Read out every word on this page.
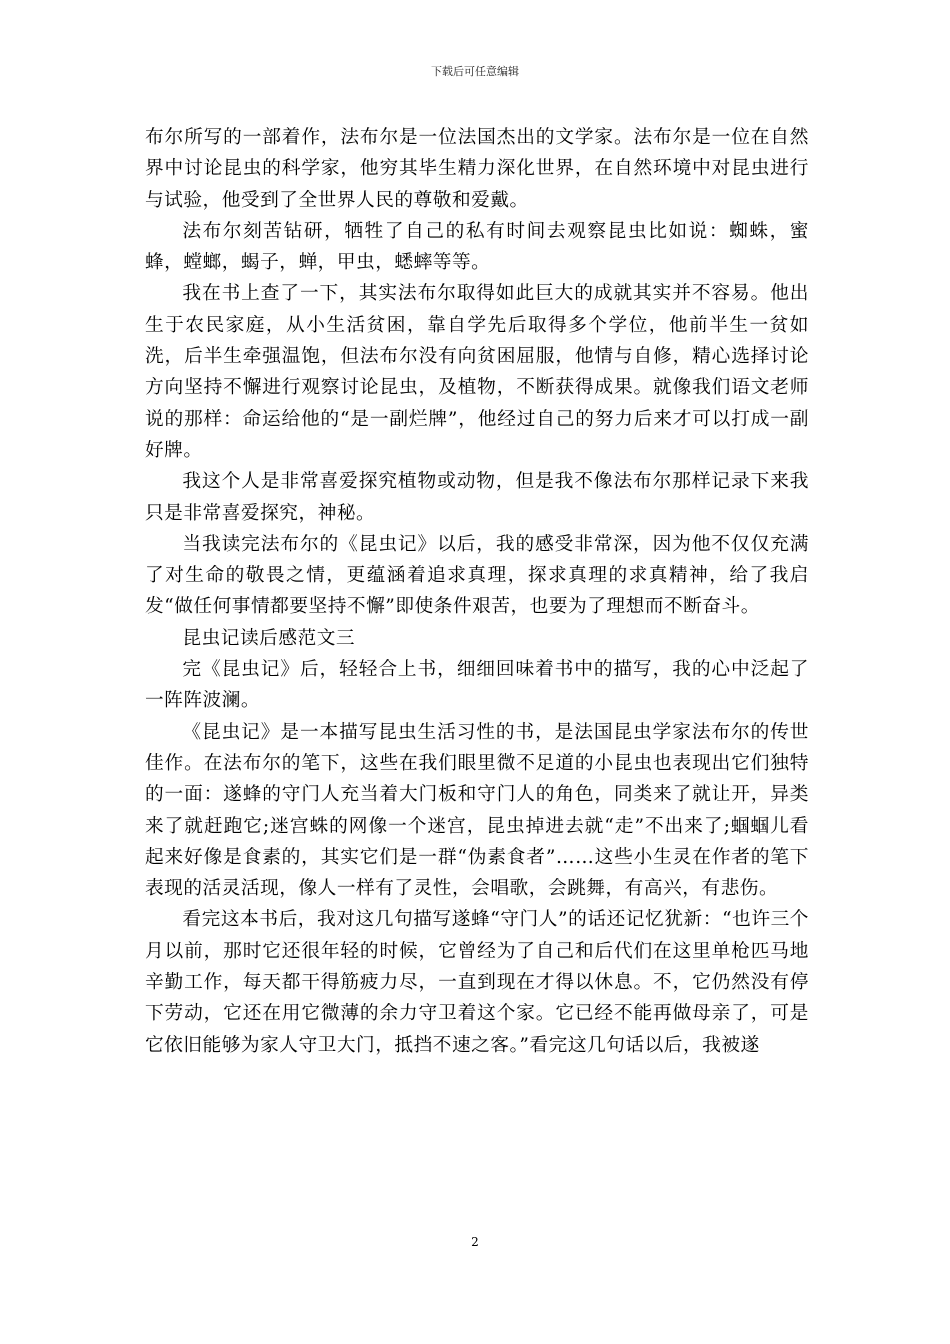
下载后可任意编辑

布尔所写的一部着作，法布尔是一位法国杰出的文学家。法布尔是一位在自然界中讨论昆虫的科学家，他穷其毕生精力深化世界，在自然环境中对昆虫进行与试验，他受到了全世界人民的尊敬和爱戴。

法布尔刻苦钻研，牺牲了自己的私有时间去观察昆虫比如说：蜘蛛，蜜蜂，螳螂，蝎子，蝉，甲虫，蟋蟀等等。

我在书上查了一下，其实法布尔取得如此巨大的成就其实并不容易。他出生于农民家庭，从小生活贫困，靠自学先后取得多个学位，他前半生一贫如洗，后半生牵强温饱，但法布尔没有向贫困屈服，他情与自修，精心选择讨论方向坚持不懈进行观察讨论昆虫，及植物，不断获得成果。就像我们语文老师说的那样：命运给他的“是一副烂牌”，他经过自己的努力后来才可以打成一副好牌。

我这个人是非常喜爱探究植物或动物，但是我不像法布尔那样记录下来我只是非常喜爱探究，神秘。

当我读完法布尔的《昆虫记》以后，我的感受非常深，因为他不仅仅充满了对生命的敬畏之情，更蕴涵着追求真理，探求真理的求真精神，给了我启发“做任何事情都要坚持不懈”即使条件艰苦，也要为了理想而不断奋斗。

昆虫记读后感范文三

完《昆虫记》后，轻轻合上书，细细回味着书中的描写，我的心中泛起了一阵阵波澜。

《昆虫记》是一本描写昆虫生活习性的书，是法国昆虫学家法布尔的传世佳作。在法布尔的笔下，这些在我们眼里微不足道的小昆虫也表现出它们独特的一面：遂蜂的守门人充当着大门板和守门人的角色，同类来了就让开，异类来了就赶跑它;迷宫蛛的网像一个迷宫，昆虫掉进去就“走”不出来了;蝈蝈儿看起来好像是食素的，其实它们是一群“伪素食者”……这些小生灵在作者的笔下表现的活灵活现，像人一样有了灵性，会唱歌，会跳舞，有高兴，有悲伤。

看完这本书后，我对这几句描写遂蜂“守门人”的话还记忆犹新：“也许三个月以前，那时它还很年轻的时候，它曾经为了自己和后代们在这里单枪匹马地辛勤工作，每天都干得筋疲力尽，一直到现在才得以休息。不，它仍然没有停下劳动，它还在用它微薄的余力守卫着这个家。它已经不能再做母亲了，可是它依旧能够为家人守卫大门，抵挡不速之客。”看完这几句话以后，我被遂

2
